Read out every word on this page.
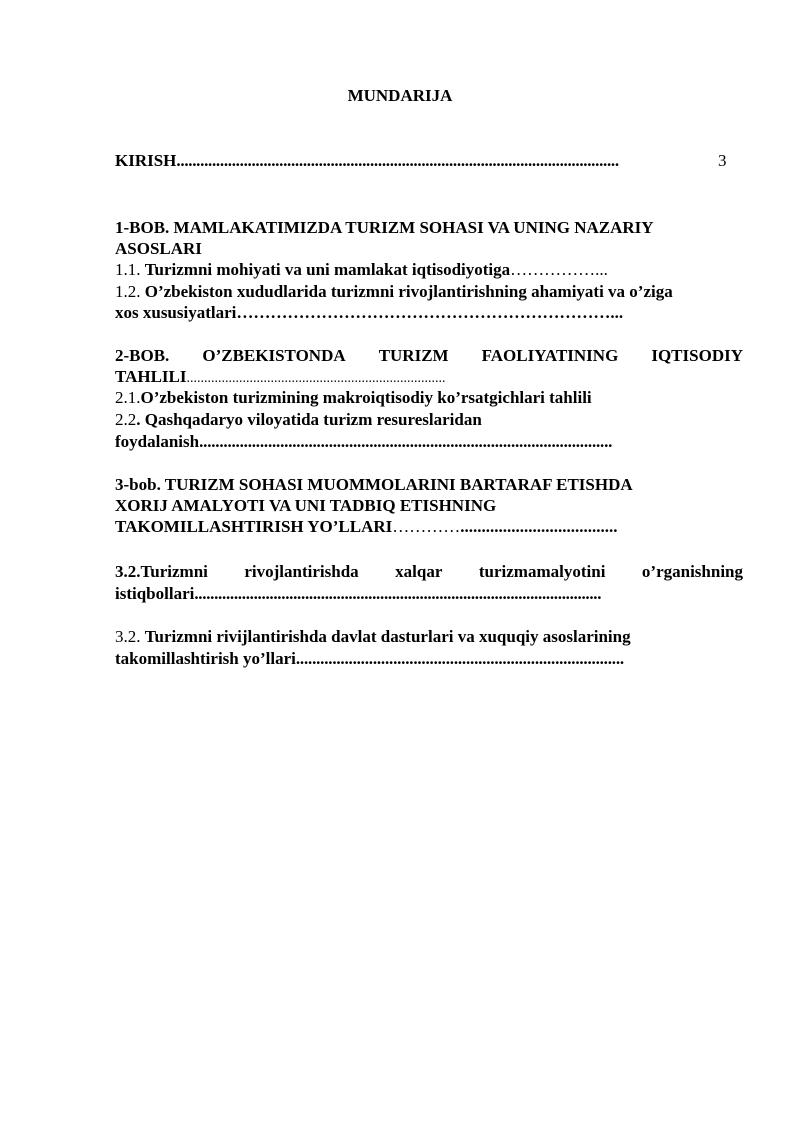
MUNDARIJA
KIRISH................................................................................................................	3
1-BOB. MAMLAKATIMIZDA TURIZM SOHASI VA UNING NAZARIY
ASOSLARI
1.1. Turizmni mohiyati va uni mamlakat iqtisodiyotiga……………...
1.2. O’zbekiston xududlarida turizmni rivojlantirishning ahamiyati va o’ziga
xos xususiyatlari…………………………………………………………...
2-BOB. O’ZBEKISTONDA TURIZM FAOLIYATINING IQTISODIY
TAHLILI..........................................................................
2.1.O’zbekiston turizmining makroiqtisodiy ko’rsatgichlari tahlili
2.2. Qashqadaryo viloyatida turizm resureslaridan
foydalanish......................................................................................................
3-bob. TURIZM SOHASI MUOMMOLARINI BARTARAF ETISHDA
XORIJ AMALYOTI VA UNI TADBIQ ETISHNING
TAKOMILLASHTIRISH YO’LLARI………….....................................
3.2.Turizmni rivojlantirishda xalqar turizmamalyotini o’rganishning
istiqbollari.......................................................................................................
3.2. Turizmni rivijlantirishda davlat dasturlari va xuquqiy asoslarining
takomillashtirish yo’llari.................................................................................
